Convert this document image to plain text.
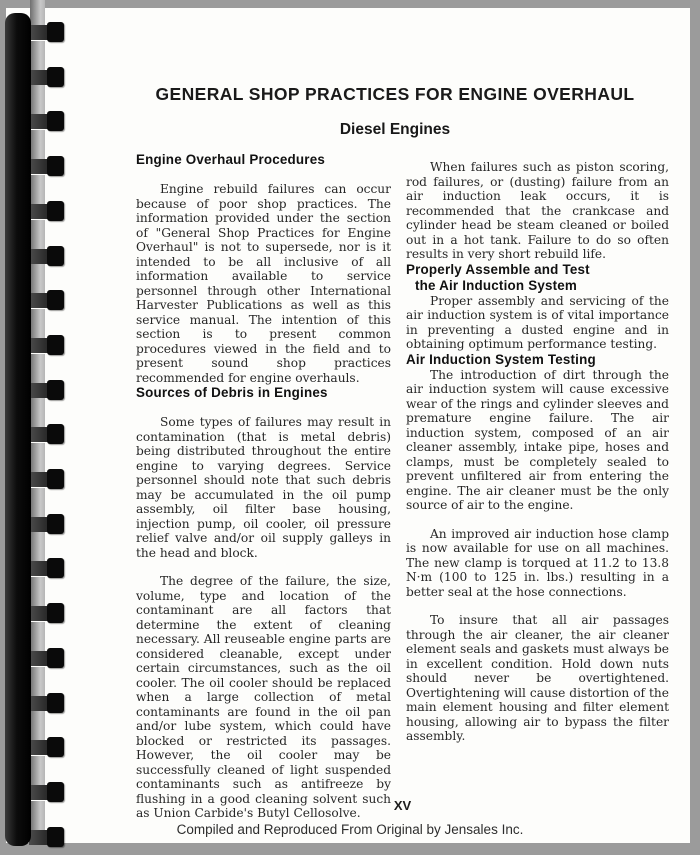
GENERAL SHOP PRACTICES FOR ENGINE OVERHAUL
Diesel Engines
Engine Overhaul Procedures

Engine rebuild failures can occur because of poor shop practices. The information provided under the section of "General Shop Practices for Engine Overhaul" is not to supersede, nor is it intended to be all inclusive of all information available to service personnel through other International Harvester Publications as well as this service manual. The intention of this section is to present common procedures viewed in the field and to present sound shop practices recommended for engine overhauls.

Sources of Debris in Engines

Some types of failures may result in contamination (that is metal debris) being distributed throughout the entire engine to varying degrees. Service personnel should note that such debris may be accumulated in the oil pump assembly, oil filter base housing, injection pump, oil cooler, oil pressure relief valve and/or oil supply galleys in the head and block.

The degree of the failure, the size, volume, type and location of the contaminant are all factors that determine the extent of cleaning necessary. All reuseable engine parts are considered cleanable, except under certain circumstances, such as the oil cooler. The oil cooler should be replaced when a large collection of metal contaminants are found in the oil pan and/or lube system, which could have blocked or restricted its passages. However, the oil cooler may be successfully cleaned of light suspended contaminants such as antifreeze by flushing in a good cleaning solvent such as Union Carbide's Butyl Cellosolve.

When failures such as piston scoring, rod failures, or (dusting) failure from an air induction leak occurs, it is recommended that the crankcase and cylinder head be steam cleaned or boiled out in a hot tank. Failure to do so often results in very short rebuild life.

Properly Assemble and Test
the Air Induction System

Proper assembly and servicing of the air induction system is of vital importance in preventing a dusted engine and in obtaining optimum performance testing.

Air Induction System Testing

The introduction of dirt through the air induction system will cause excessive wear of the rings and cylinder sleeves and premature engine failure. The air induction system, composed of an air cleaner assembly, intake pipe, hoses and clamps, must be completely sealed to prevent unfiltered air from entering the engine. The air cleaner must be the only source of air to the engine.

An improved air induction hose clamp is now available for use on all machines. The new clamp is torqued at 11.2 to 13.8 N·m (100 to 125 in. lbs.) resulting in a better seal at the hose connections.

To insure that all air passages through the air cleaner, the air cleaner element seals and gaskets must always be in excellent condition. Hold down nuts should never be overtightened. Overtightening will cause distortion of the main element housing and filter element housing, allowing air to bypass the filter assembly.

XV
Compiled and Reproduced From Original by Jensales Inc.
